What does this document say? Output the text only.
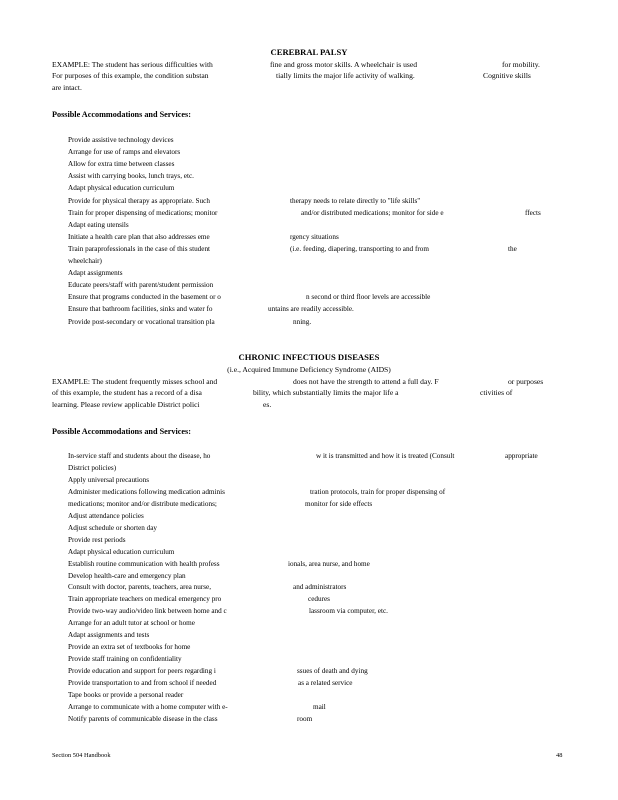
CEREBRAL PALSY
EXAMPLE: The student has serious difficulties with	fine and gross motor skills. A wheelchair is used	for mobility.
For purposes of this example, the condition substan	tially limits the major life activity of walking.	Cognitive skills
are intact.
Possible Accommodations and Services:
Provide assistive technology devices
Arrange for use of ramps and elevators
Allow for extra time between classes
Assist with carrying books, lunch trays, etc.
Adapt physical education curriculum
Provide for physical therapy as appropriate. Such	therapy needs to relate directly to "life skills"
Train for proper dispensing of medications; monitor	and/or distributed medications; monitor for side e	ffects
Adapt eating utensils
Initiate a health care plan that also addresses eme	rgency situations
Train paraprofessionals in the case of this student	(i.e. feeding, diapering, transporting to and from	the
wheelchair)
Adapt assignments
Educate peers/staff with parent/student permission
Ensure that programs conducted in the basement or o	n second or third floor levels are accessible
Ensure that bathroom facilities, sinks and water fo	untains are readily accessible.
Provide post-secondary or vocational transition pla	nning.
CHRONIC INFECTIOUS DISEASES
(i.e., Acquired Immune Deficiency Syndrome (AIDS)
EXAMPLE: The student frequently misses school and	does not have the strength to attend a full day. F	or purposes
of this example, the student has a record of a disa	bility, which substantially limits the major life a	ctivities of
learning. Please review applicable District polici	es.
Possible Accommodations and Services:
In-service staff and students about the disease, ho	w it is transmitted and how it is treated (Consult	appropriate
District policies)
Apply universal precautions
Administer medications following medication adminis	tration protocols, train for proper dispensing of
medications; monitor and/or distribute medications;	monitor for side effects
Adjust attendance policies
Adjust schedule or shorten day
Provide rest periods
Adapt physical education curriculum
Establish routine communication with health profess	ionals, area nurse, and home
Develop health-care and emergency plan
Consult with doctor, parents, teachers, area nurse,	and administrators
Train appropriate teachers on medical emergency pro	cedures
Provide two-way audio/video link between home and c	lassroom via computer, etc.
Arrange for an adult tutor at school or home
Adapt assignments and tests
Provide an extra set of textbooks for home
Provide staff training on confidentiality
Provide education and support for peers regarding i	ssues of death and dying
Provide transportation to and from school if needed	as a related service
Tape books or provide a personal reader
Arrange to communicate with a home computer with e-	mail
Notify parents of communicable disease in the class	room
Section 504 Handbook	48
